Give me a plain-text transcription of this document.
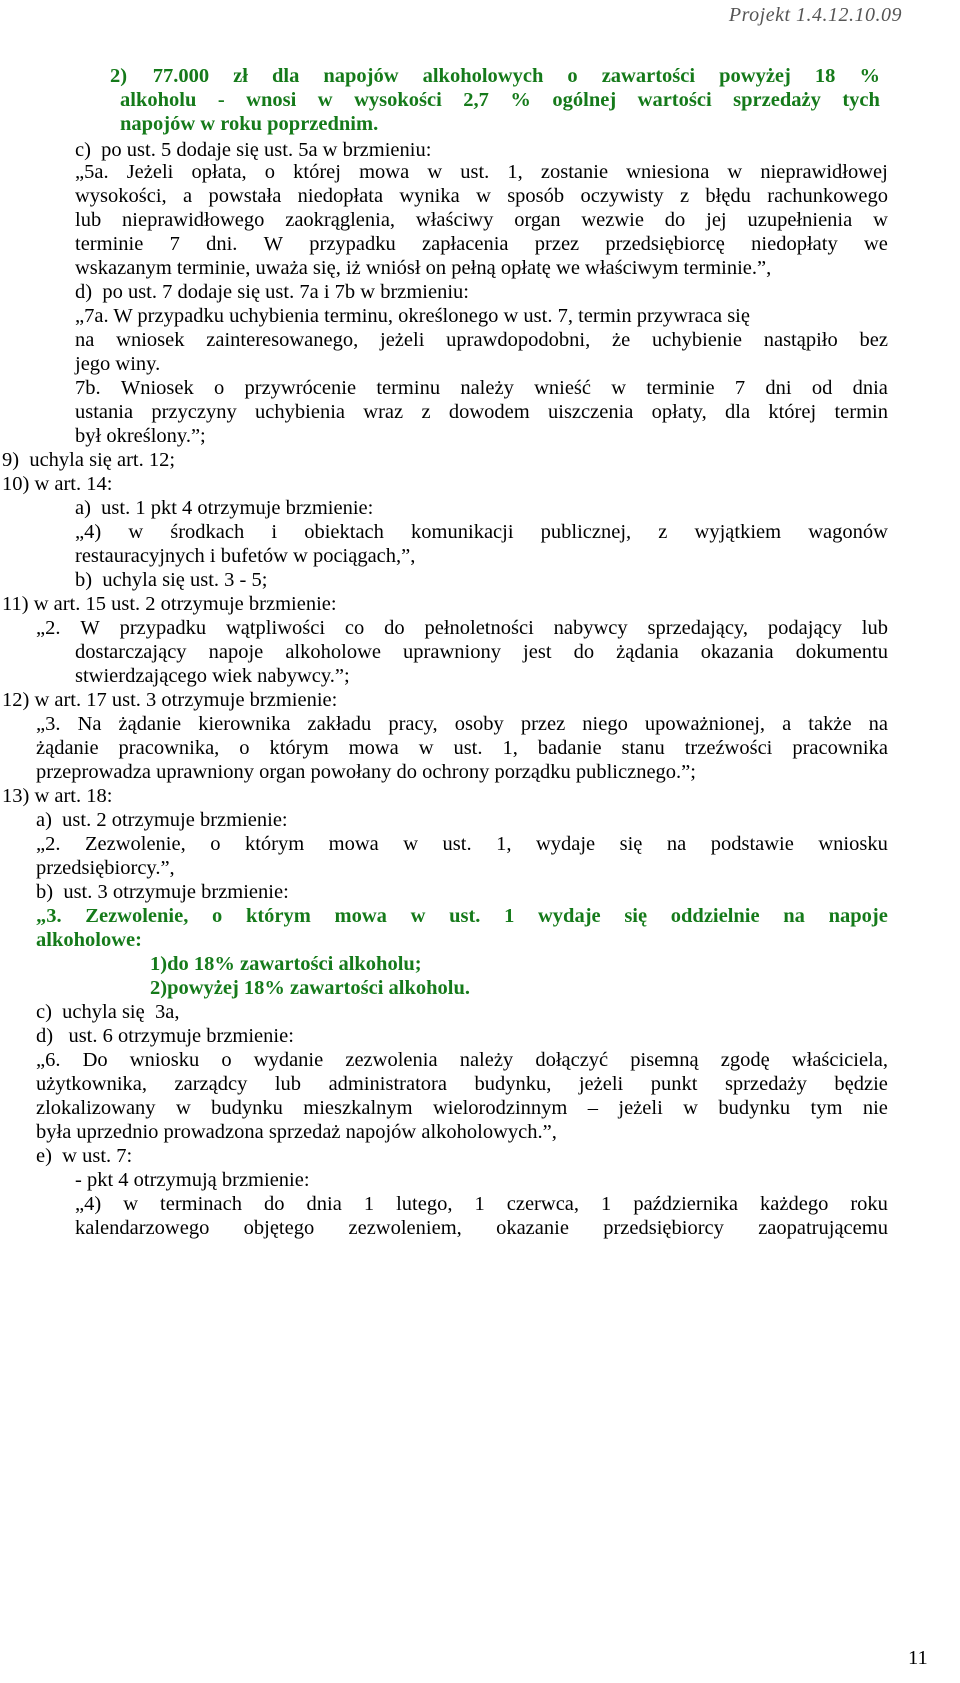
Projekt 1.4.12.10.09
2)     77.000 zł dla napojów alkoholowych o zawartości powyżej 18 %
alkoholu - wnosi w wysokości 2,7 % ogólnej wartości sprzedaży tych
napojów w roku poprzednim.
c)  po ust. 5 dodaje się ust. 5a w brzmieniu:
„5a. Jeżeli opłata, o której mowa w ust. 1, zostanie wniesiona w nieprawidłowej
wysokości, a powstała niedopłata wynika w sposób oczywisty z błędu rachunkowego
lub nieprawidłowego zaokrąglenia, właściwy organ wezwie do jej uzupełnienia w
terminie 7 dni. W przypadku zapłacenia przez przedsiębiorcę niedopłaty we
wskazanym terminie, uważa się, iż wniósł on pełną opłatę we właściwym terminie.”,
d)  po ust. 7 dodaje się ust. 7a i 7b w brzmieniu:
„7a. W przypadku uchybienia terminu, określonego w ust. 7, termin przywraca się
na wniosek zainteresowanego, jeżeli uprawdopodobni, że uchybienie nastąpiło bez
jego winy.
7b. Wniosek o przywrócenie terminu należy wnieść w terminie 7 dni od dnia
ustania przyczyny uchybienia wraz z dowodem uiszczenia opłaty, dla której termin
był określony.”;
9)  uchyla się art. 12;
10) w art. 14:
a)  ust. 1 pkt 4 otrzymuje brzmienie:
„4) w środkach i obiektach komunikacji publicznej, z wyjątkiem wagonów
restauracyjnych i bufetów w pociągach,”,
b)  uchyla się ust. 3 - 5;
11) w art. 15 ust. 2 otrzymuje brzmienie:
„2. W przypadku wątpliwości co do pełnoletności nabywcy sprzedający, podający lub
dostarczający napoje alkoholowe uprawniony jest do żądania okazania dokumentu
stwierdzającego wiek nabywcy.”;
12) w art. 17 ust. 3 otrzymuje brzmienie:
„3. Na żądanie kierownika zakładu pracy, osoby przez niego upoważnionej, a także na
żądanie pracownika, o którym mowa w ust. 1, badanie stanu trzeźwości pracownika
przeprowadza uprawniony organ powołany do ochrony porządku publicznego.”;
13) w art. 18:
a)  ust. 2 otrzymuje brzmienie:
„2. Zezwolenie, o którym mowa w ust. 1, wydaje się na podstawie wniosku
przedsiębiorcy.”,
b)  ust. 3 otrzymuje brzmienie:
„3. Zezwolenie, o którym mowa w ust. 1 wydaje się oddzielnie na napoje
alkoholowe:
1)do 18% zawartości alkoholu;
2)powyżej 18% zawartości alkoholu.
c)  uchyla się  3a,
d)   ust. 6 otrzymuje brzmienie:
„6. Do wniosku o wydanie zezwolenia należy dołączyć pisemną zgodę właściciela,
użytkownika, zarządcy lub administratora budynku, jeżeli punkt sprzedaży będzie
zlokalizowany w budynku mieszkalnym wielorodzinnym – jeżeli w budynku tym nie
była uprzednio prowadzona sprzedaż napojów alkoholowych.”,
e)  w ust. 7:
- pkt 4 otrzymują brzmienie:
„4) w terminach do dnia 1 lutego, 1 czerwca, 1 października każdego roku
kalendarzowego objętego zezwoleniem, okazanie przedsiębiorcy zaopatrującemu
11
